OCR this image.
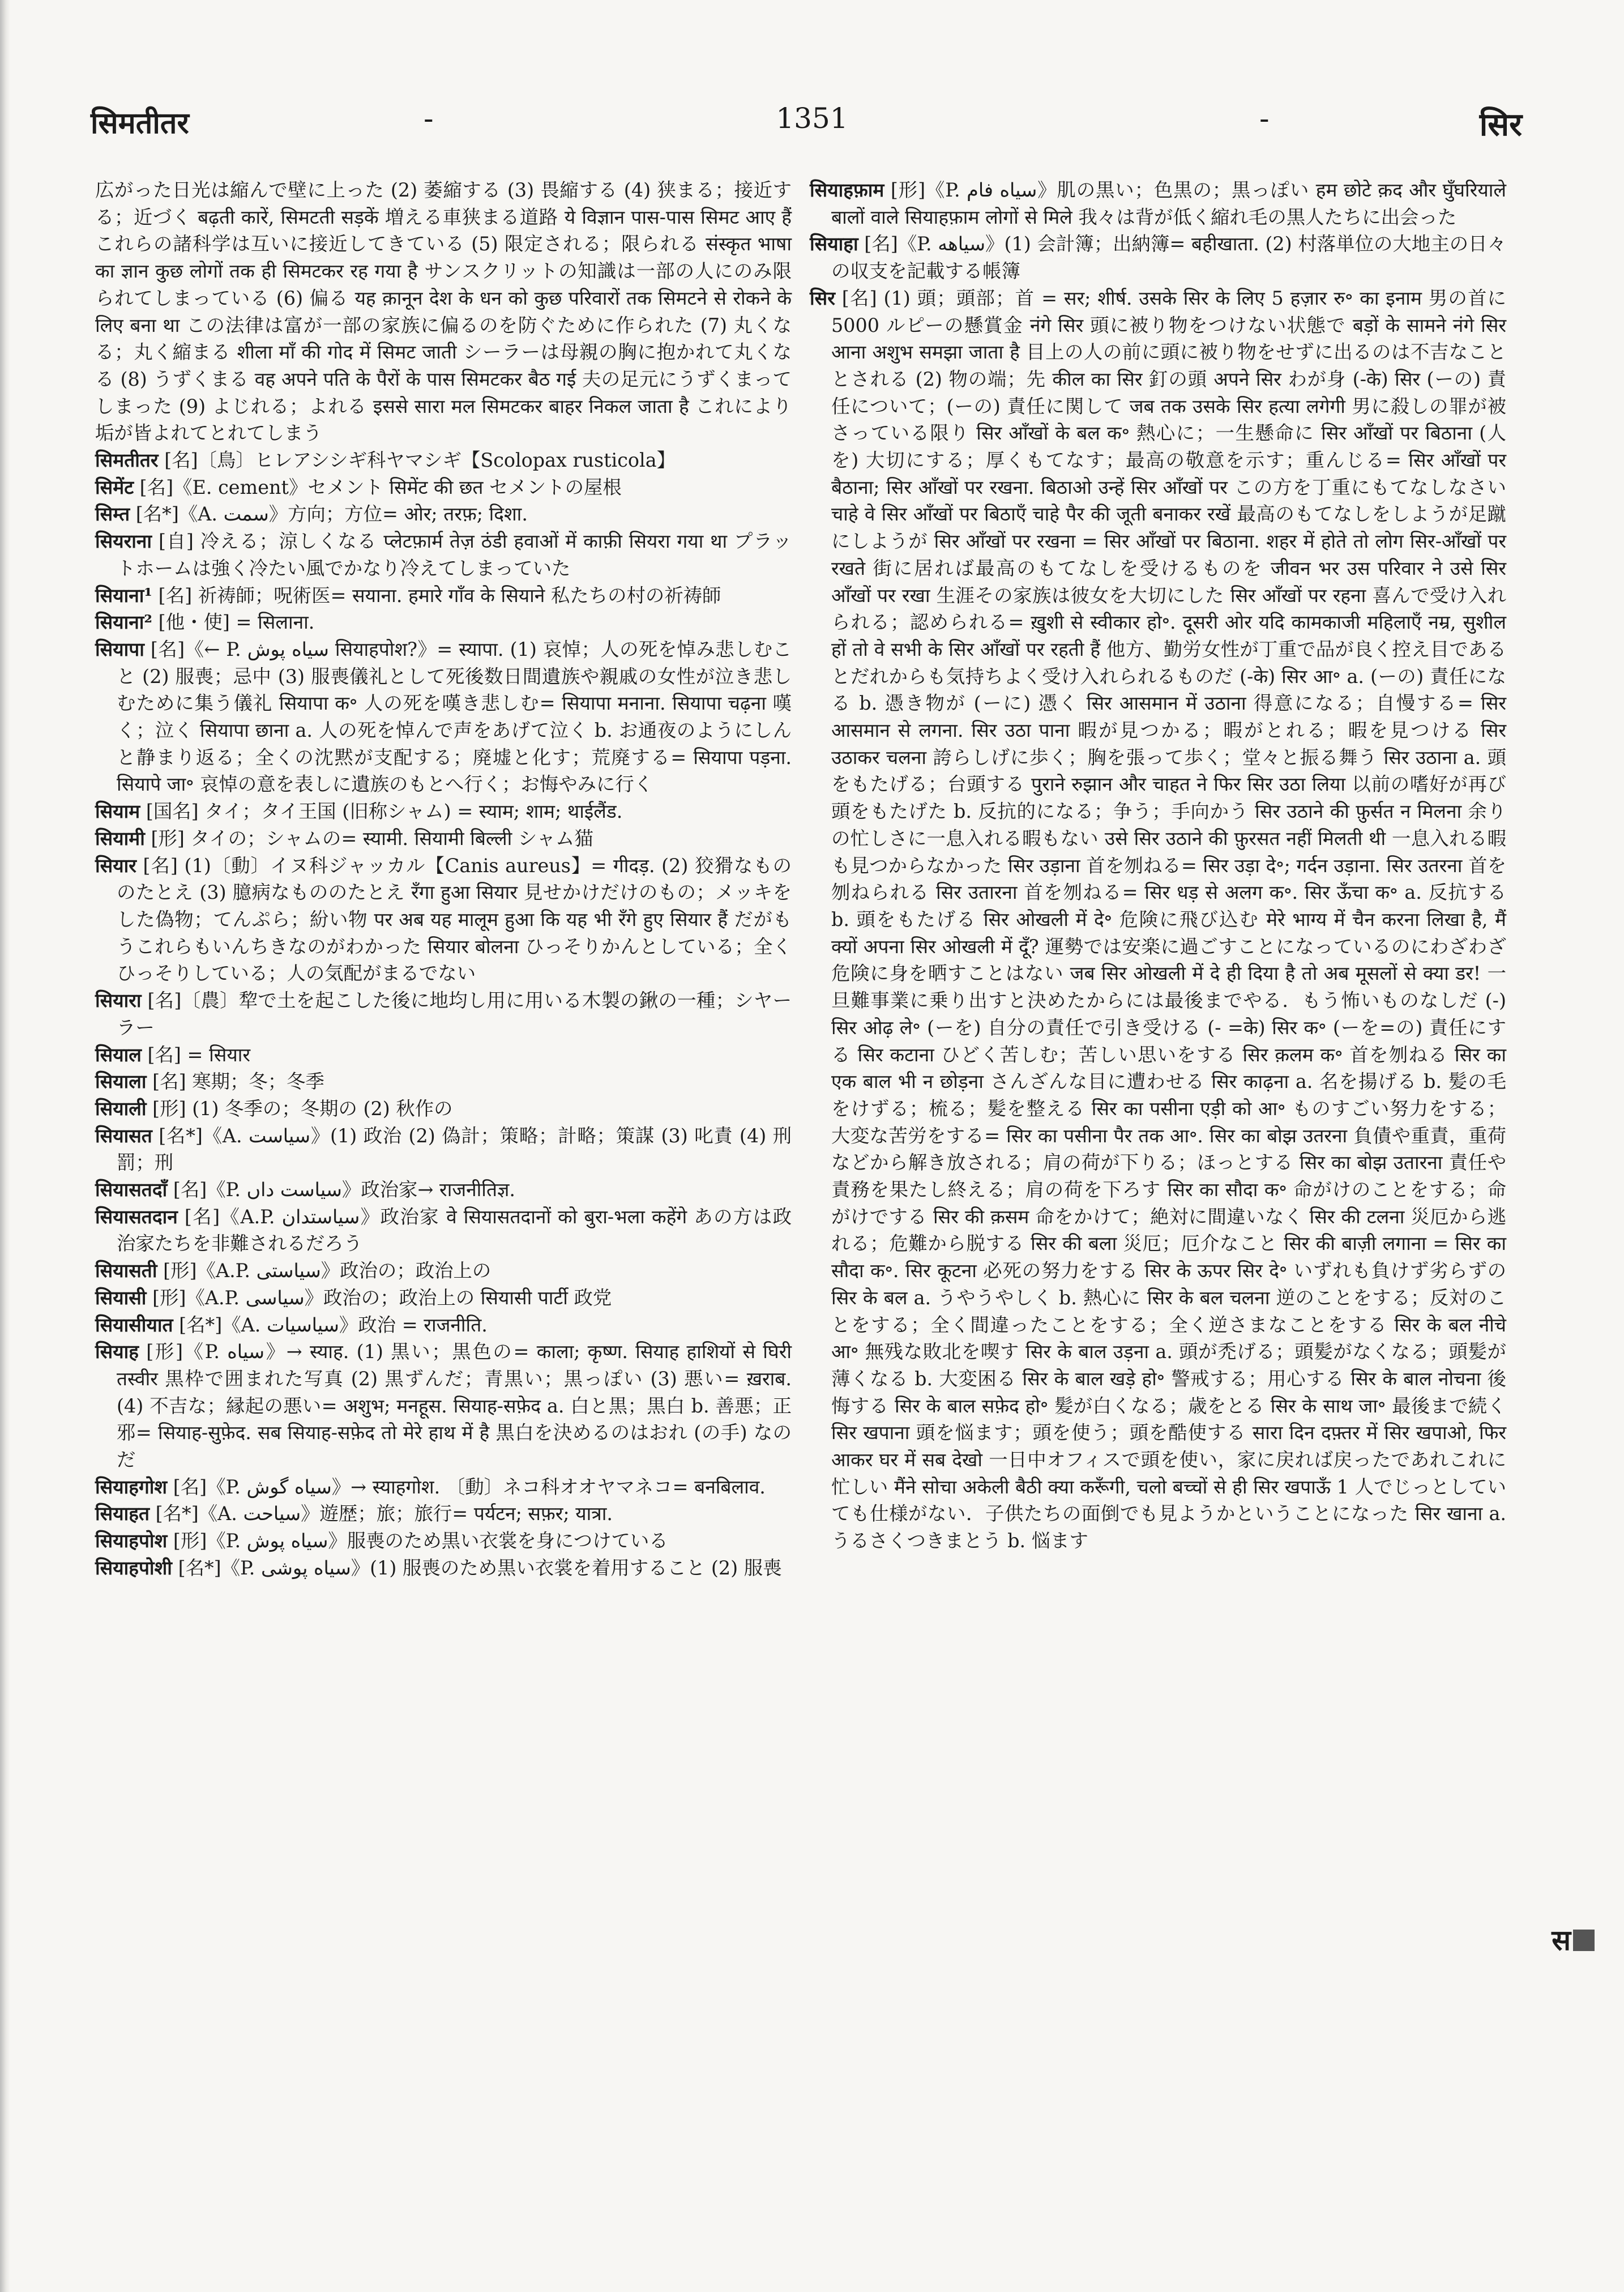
सिमतीतर	-	1351	-	सिर

広がった日光は縮んで壁に上った (2) 萎縮する (3) 畏縮する (4) 狭まる；接近する；近づく बढ़ती कारें, सिमटती सड़कें 増える車狭まる道路 ये विज्ञान पास-पास सिमट आए हैं これらの諸科学は互いに接近してきている (5) 限定される；限られる संस्कृत भाषा का ज्ञान कुछ लोगों तक ही सिमटकर रह गया है サンスクリットの知識は一部の人にのみ限られてしまっている (6) 偏る यह क़ानून देश के धन को कुछ परिवारों तक सिमटने से रोकने के लिए बना था この法律は富が一部の家族に偏るのを防ぐために作られた (7) 丸くなる；丸く縮まる शीला माँ की गोद में सिमट जाती シーラーは母親の胸に抱かれて丸くなる (8) うずくまる वह अपने पति के पैरों के पास सिमटकर बैठ गई 夫の足元にうずくまってしまった (9) よじれる；よれる इससे सारा मल सिमटकर बाहर निकल जाता है これにより垢が皆よれてとれてしまう

सिमतीतर [名]〔鳥〕ヒレアシシギ科ヤマシギ【Scolopax rusticola】

सिमेंट [名]《E. cement》セメント सिमेंट की छत セメントの屋根

सिम्त [名*]《A. سمت》方向；方位= ओर; तरफ़; दिशा.

सियराना [自] 冷える；涼しくなる प्लेटफ़ार्म तेज़ ठंडी हवाओं में काफ़ी सियरा गया था プラットホームは強く冷たい風でかなり冷えてしまっていた

सियाना¹ [名] 祈祷師；呪術医= सयाना. हमारे गाँव के सियाने 私たちの村の祈祷師

सियाना² [他・使] = सिलाना.

सियापा [名]《← P. سیاه پوش सियाहपोश?》= स्यापा. (1) 哀悼；人の死を悼み悲しむこと (2) 服喪；忌中 (3) 服喪儀礼として死後数日間遺族や親戚の女性が泣き悲しむために集う儀礼 सियापा क॰ 人の死を嘆き悲しむ= सियापा मनाना. सियापा चढ़ना 嘆く；泣く सियापा छाना a. 人の死を悼んで声をあげて泣く b. お通夜のようにしんと静まり返る；全くの沈黙が支配する；廃墟と化す；荒廃する= सियापा पड़ना. सियापे जा॰ 哀悼の意を表しに遺族のもとへ行く；お悔やみに行く

सियाम [国名] タイ；タイ王国 (旧称シャム) = स्याम; शाम; थाईलैंड.

सियामी [形] タイの；シャムの= स्यामी. सियामी बिल्ली シャム猫

सियार [名] (1)〔動〕イヌ科ジャッカル【Canis aureus】= गीदड़. (2) 狡猾なもののたとえ (3) 臆病なもののたとえ रँगा हुआ सियार 見せかけだけのもの；メッキをした偽物；てんぷら；紛い物 पर अब यह मालूम हुआ कि यह भी रँगे हुए सियार हैं だがもうこれらもいんちきなのがわかった सियार बोलना ひっそりかんとしている；全くひっそりしている；人の気配がまるでない

सियारा [名]〔農〕犂で土を起こした後に地均し用に用いる木製の鍬の一種；シヤーラー

सियाल [名] = सियार

सियाला [名] 寒期；冬；冬季

सियाली [形] (1) 冬季の；冬期の (2) 秋作の

सियासत [名*]《A. سیاست》(1) 政治 (2) 偽計；策略；計略；策謀 (3) 叱責 (4) 刑罰；刑

सियासतदाँ [名]《P. سیاست داں》政治家→ राजनीतिज्ञ.

सियासतदान [名]《A.P. سیاستدان》政治家 वे सियासतदानों को बुरा-भला कहेंगे あの方は政治家たちを非難されるだろう

सियासती [形]《A.P. سیاستی》政治の；政治上の

सियासी [形]《A.P. سیاسی》政治の；政治上の सियासी पार्टी 政党

सियासीयात [名*]《A. سیاسیات》政治 = राजनीति.

सियाह [形]《P. سیاه》→ स्याह. (1) 黒い；黒色の= काला; कृष्ण. सियाह हाशियों से घिरी तस्वीर 黒枠で囲まれた写真 (2) 黒ずんだ；青黒い；黒っぽい (3) 悪い= ख़राब. (4) 不吉な；縁起の悪い= अशुभ; मनहूस. सियाह-सफ़ेद a. 白と黒；黒白 b. 善悪；正邪= सियाह-सुफ़ेद. सब सियाह-सफ़ेद तो मेरे हाथ में है 黒白を決めるのはおれ (の手) なのだ

सियाहगोश [名]《P. سیاه گوش》→ स्याहगोश. 〔動〕ネコ科オオヤマネコ= बनबिलाव.

सियाहत [名*]《A. سیاحت》遊歴；旅；旅行= पर्यटन; सफ़र; यात्रा.

सियाहपोश [形]《P. سیاه پوش》服喪のため黒い衣裳を身につけている

सियाहपोशी [名*]《P. سیاه پوشی》(1) 服喪のため黒い衣裳を着用すること (2) 服喪

सियाहफ़ाम [形]《P. سیاه فام》肌の黒い；色黒の；黒っぽい हम छोटे क़द और घुँघरियाले बालों वाले सियाहफ़ाम लोगों से मिले 我々は背が低く縮れ毛の黒人たちに出会った

सियाहा [名]《P. سیاهه》(1) 会計簿；出納簿= बहीखाता. (2) 村落単位の大地主の日々の収支を記載する帳簿

सिर [名] (1) 頭；頭部；首 = सर; शीर्ष. उसके सिर के लिए 5 हज़ार रु॰ का इनाम 男の首に 5000 ルピーの懸賞金 नंगे सिर 頭に被り物をつけない状態で बड़ों के सामने नंगे सिर आना अशुभ समझा जाता है 目上の人の前に頭に被り物をせずに出るのは不吉なこととされる (2) 物の端；先 कील का सिर 釘の頭 अपने सिर わが身 (-के) सिर (ーの) 責任について；(ーの) 責任に関して जब तक उसके सिर हत्या लगेगी 男に殺しの罪が被さっている限り सिर आँखों के बल क॰ 熱心に；一生懸命に सिर आँखों पर बिठाना (人を) 大切にする；厚くもてなす；最高の敬意を示す；重んじる= सिर आँखों पर बैठाना; सिर आँखों पर रखना. बिठाओ उन्हें सिर आँखों पर この方を丁重にもてなしなさい चाहे वे सिर आँखों पर बिठाएँ चाहे पैर की जूती बनाकर रखें 最高のもてなしをしようが足蹴にしようが सिर आँखों पर रखना = सिर आँखों पर बिठाना. शहर में होते तो लोग सिर-आँखों पर रखते 街に居れば最高のもてなしを受けるものを जीवन भर उस परिवार ने उसे सिर आँखों पर रखा 生涯その家族は彼女を大切にした सिर आँखों पर रहना 喜んで受け入れられる；認められる= ख़ुशी से स्वीकार हो॰. दूसरी ओर यदि कामकाजी महिलाएँ नम्र, सुशील हों तो वे सभी के सिर आँखों पर रहती हैं 他方、勤労女性が丁重で品が良く控え目であるとだれからも気持ちよく受け入れられるものだ (-के) सिर आ॰ a. (ーの) 責任になる b. 憑き物が (ーに) 憑く सिर आसमान में उठाना 得意になる；自慢する= सिर आसमान से लगना. सिर उठा पाना 暇が見つかる；暇がとれる；暇を見つける सिर उठाकर चलना 誇らしげに歩く；胸を張って歩く；堂々と振る舞う सिर उठाना a. 頭をもたげる；台頭する पुराने रुझान और चाहत ने फिर सिर उठा लिया 以前の嗜好が再び頭をもたげた b. 反抗的になる；争う；手向かう सिर उठाने की फ़ुर्सत न मिलना 余りの忙しさに一息入れる暇もない उसे सिर उठाने की फ़ुरसत नहीं मिलती थी 一息入れる暇も見つからなかった सिर उड़ाना 首を刎ねる= सिर उड़ा दे॰; गर्दन उड़ाना. सिर उतरना 首を刎ねられる सिर उतारना 首を刎ねる= सिर धड़ से अलग क॰. सिर ऊँचा क॰ a. 反抗する b. 頭をもたげる सिर ओखली में दे॰ 危険に飛び込む मेरे भाग्य में चैन करना लिखा है, मैं क्यों अपना सिर ओखली में दूँ? 運勢では安楽に過ごすことになっているのにわざわざ危険に身を晒すことはない जब सिर ओखली में दे ही दिया है तो अब मूसलों से क्या डर! 一旦難事業に乗り出すと決めたからには最後までやる．もう怖いものなしだ (-) सिर ओढ़ ले॰ (ーを) 自分の責任で引き受ける (- =के) सिर क॰ (ーを=の) 責任にする सिर कटाना ひどく苦しむ；苦しい思いをする सिर क़लम क॰ 首を刎ねる सिर का एक बाल भी न छोड़ना さんざんな目に遭わせる सिर काढ़ना a. 名を揚げる b. 髪の毛をけずる；梳る；髪を整える सिर का पसीना एड़ी को आ॰ ものすごい努力をする；大変な苦労をする= सिर का पसीना पैर तक आ॰. सिर का बोझ उतरना 負債や重責，重荷などから解き放される；肩の荷が下りる；ほっとする सिर का बोझ उतारना 責任や責務を果たし終える；肩の荷を下ろす सिर का सौदा क॰ 命がけのことをする；命がけでする सिर की क़सम 命をかけて；絶対に間違いなく सिर की टलना 災厄から逃れる；危難から脱する सिर की बला 災厄；厄介なこと सिर की बाज़ी लगाना = सिर का सौदा क॰. सिर कूटना 必死の努力をする सिर के ऊपर सिर दे॰ いずれも負けず劣らずの सिर के बल a. うやうやしく b. 熱心に सिर के बल चलना 逆のことをする；反対のことをする；全く間違ったことをする；全く逆さまなことをする सिर के बल नीचे आ॰ 無残な敗北を喫す सिर के बाल उड़ना a. 頭が禿げる；頭髪がなくなる；頭髪が薄くなる b. 大変困る सिर के बाल खड़े हो॰ 警戒する；用心する सिर के बाल नोचना 後悔する सिर के बाल सफ़ेद हो॰ 髪が白くなる；歳をとる सिर के साथ जा॰ 最後まで続く सिर खपाना 頭を悩ます；頭を使う；頭を酷使する सारा दिन दफ़्तर में सिर खपाओ, फिर आकर घर में सब देखो 一日中オフィスで頭を使い，家に戻れば戻ったであれこれに忙しい मैंने सोचा अकेली बैठी क्या करूँगी, चलो बच्चों से ही सिर खपाऊँ 1 人でじっとしていても仕様がない．子供たちの面倒でも見ようかということになった सिर खाना a. うるさくつきまとう b. 悩ます

स
